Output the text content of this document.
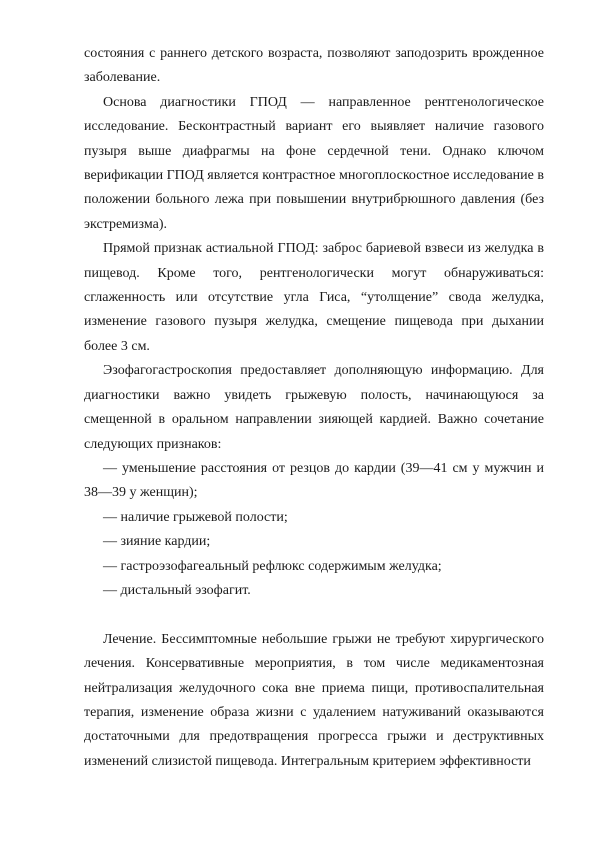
состояния с раннего детского возраста, позволяют заподозрить врожденное заболевание.

Основа диагностики ГПОД — направленное рентгенологическое исследование. Бесконтрастный вариант его выявляет наличие газового пузыря выше диафрагмы на фоне сердечной тени. Однако ключом верификации ГПОД является контрастное многоплоскостное исследование в положении больного лежа при повышении внутрибрюшного давления (без экстремизма).

Прямой признак астиальной ГПОД: заброс бариевой взвеси из желудка в пищевод. Кроме того, рентгенологически могут обнаруживаться: сглаженность или отсутствие угла Гиса, “утолщение” свода желудка, изменение газового пузыря желудка, смещение пищевода при дыхании более 3 см.

Эзофагогастроскопия предоставляет дополняющую информацию. Для диагностики важно увидеть грыжевую полость, начинающуюся за смещенной в оральном направлении зияющей кардией. Важно сочетание следующих признаков:

— уменьшение расстояния от резцов до кардии (39—41 см у мужчин и 38—39 у женщин);

— наличие грыжевой полости;

— зияние кардии;

— гастроэзофагеальный рефлюкс содержимым желудка;

— дистальный эзофагит.

Лечение. Бессимптомные небольшие грыжи не требуют хирургического лечения. Консервативные мероприятия, в том числе медикаментозная нейтрализация желудочного сока вне приема пищи, противоспалительная терапия, изменение образа жизни с удалением натуживаний оказываются достаточными для предотвращения прогресса грыжи и деструктивных изменений слизистой пищевода. Интегральным критерием эффективности
